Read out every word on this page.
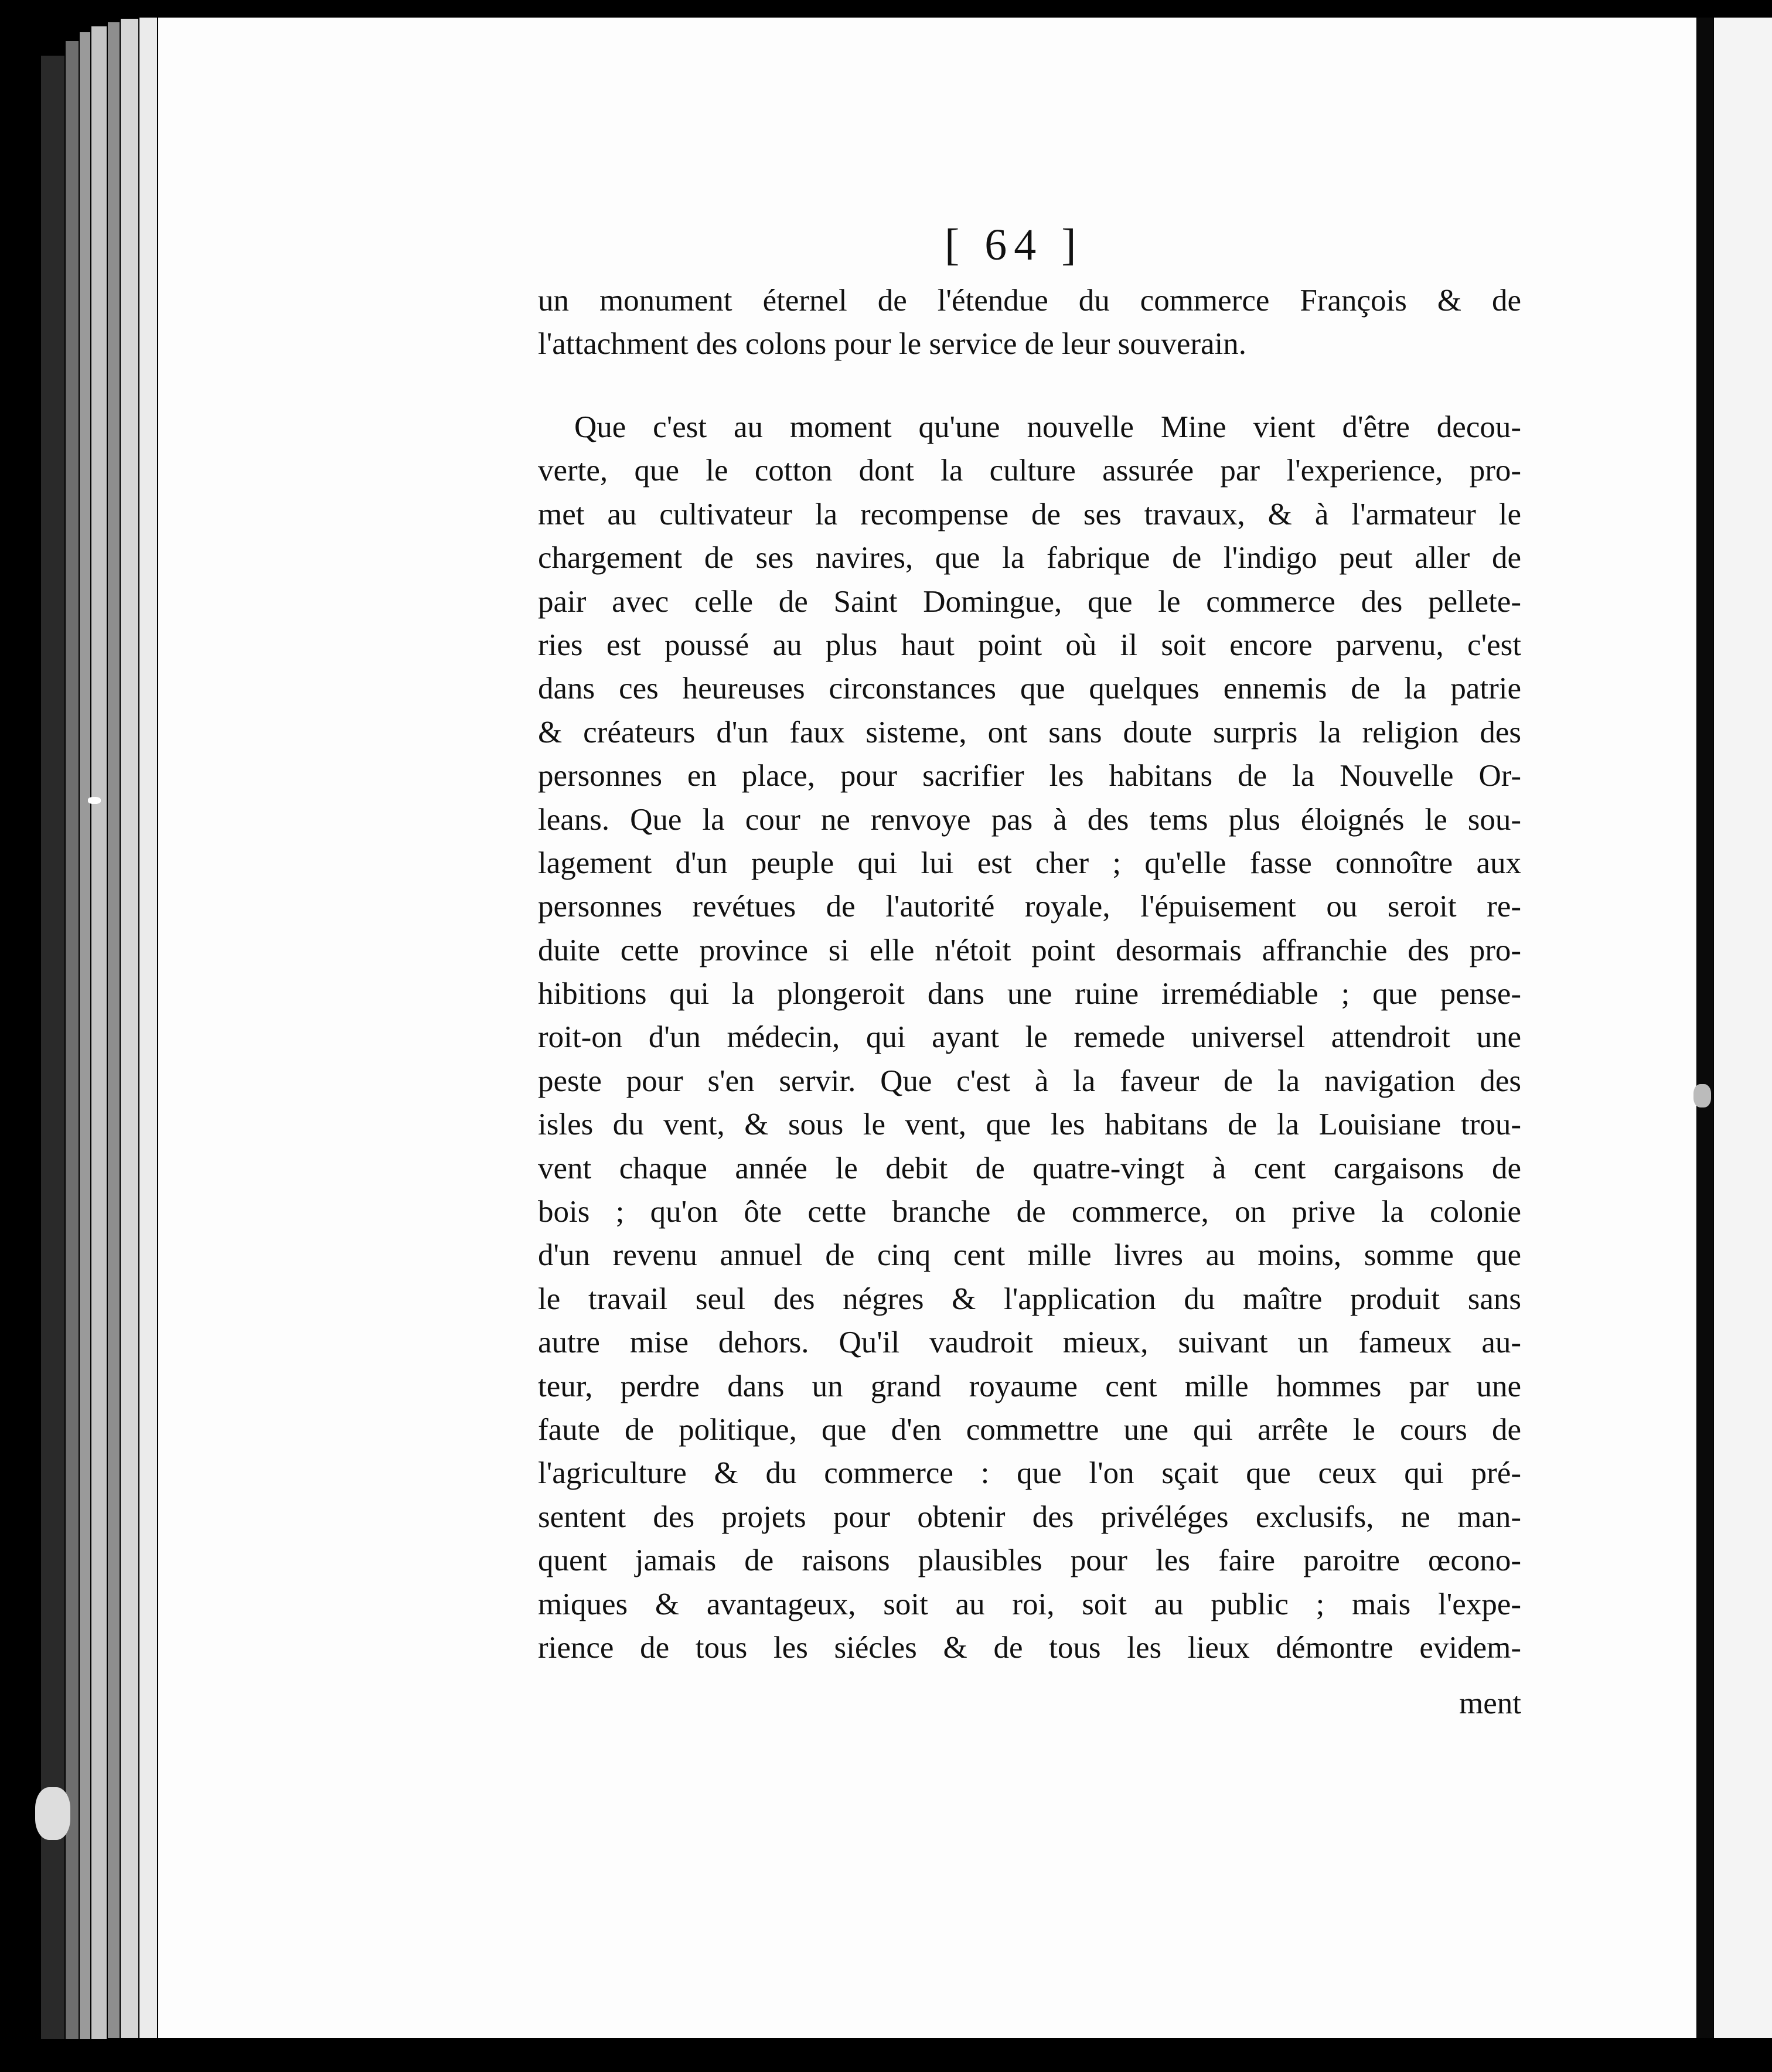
[ 64 ]
un monument éternel de l'étendue du commerce François & de
l'attachment des colons pour le service de leur souverain.
Que c'est au moment qu'une nouvelle Mine vient d'être decou-
verte, que le cotton dont la culture assurée par l'experience, pro-
met au cultivateur la recompense de ses travaux, & à l'armateur le
chargement de ses navires, que la fabrique de l'indigo peut aller de
pair avec celle de Saint Domingue, que le commerce des pellete-
ries est poussé au plus haut point où il soit encore parvenu, c'est
dans ces heureuses circonstances que quelques ennemis de la patrie
& créateurs d'un faux sisteme, ont sans doute surpris la religion des
personnes en place, pour sacrifier les habitans de la Nouvelle Or-
leans. Que la cour ne renvoye pas à des tems plus éloignés le sou-
lagement d'un peuple qui lui est cher ; qu'elle fasse connoître aux
personnes revétues de l'autorité royale, l'épuisement ou seroit re-
duite cette province si elle n'étoit point desormais affranchie des pro-
hibitions qui la plongeroit dans une ruine irremédiable ; que pense-
roit-on d'un médecin, qui ayant le remede universel attendroit une
peste pour s'en servir. Que c'est à la faveur de la navigation des
isles du vent, & sous le vent, que les habitans de la Louisiane trou-
vent chaque année le debit de quatre-vingt à cent cargaisons de
bois ; qu'on ôte cette branche de commerce, on prive la colonie
d'un revenu annuel de cinq cent mille livres au moins, somme que
le travail seul des négres & l'application du maître produit sans
autre mise dehors. Qu'il vaudroit mieux, suivant un fameux au-
teur, perdre dans un grand royaume cent mille hommes par une
faute de politique, que d'en commettre une qui arrête le cours de
l'agriculture & du commerce : que l'on sçait que ceux qui pré-
sentent des projets pour obtenir des privéléges exclusifs, ne man-
quent jamais de raisons plausibles pour les faire paroitre œcono-
miques & avantageux, soit au roi, soit au public ; mais l'expe-
rience de tous les siécles & de tous les lieux démontre evidem-
ment
